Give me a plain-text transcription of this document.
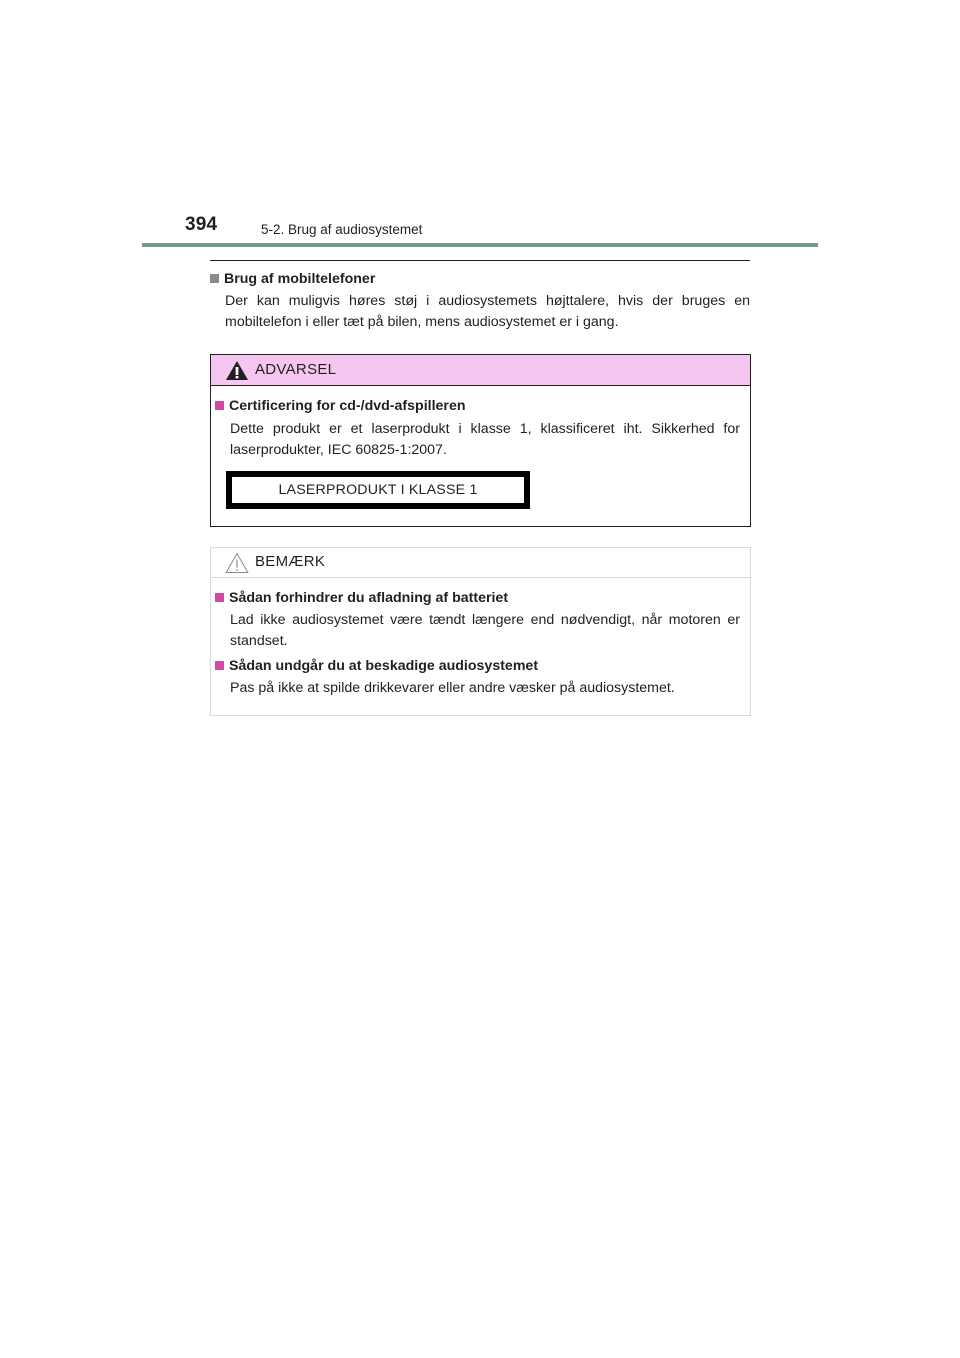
394	5-2. Brug af audiosystemet
Brug af mobiltelefoner
Der kan muligvis høres støj i audiosystemets højttalere, hvis der bruges en mobiltelefon i eller tæt på bilen, mens audiosystemet er i gang.
ADVARSEL
Certificering for cd-/dvd-afspilleren
Dette produkt er et laserprodukt i klasse 1, klassificeret iht. Sikkerhed for laserprodukter, IEC 60825-1:2007.
LASERPRODUKT I KLASSE 1
BEMÆRK
Sådan forhindrer du afladning af batteriet
Lad ikke audiosystemet være tændt længere end nødvendigt, når motoren er standset.
Sådan undgår du at beskadige audiosystemet
Pas på ikke at spilde drikkevarer eller andre væsker på audiosystemet.
